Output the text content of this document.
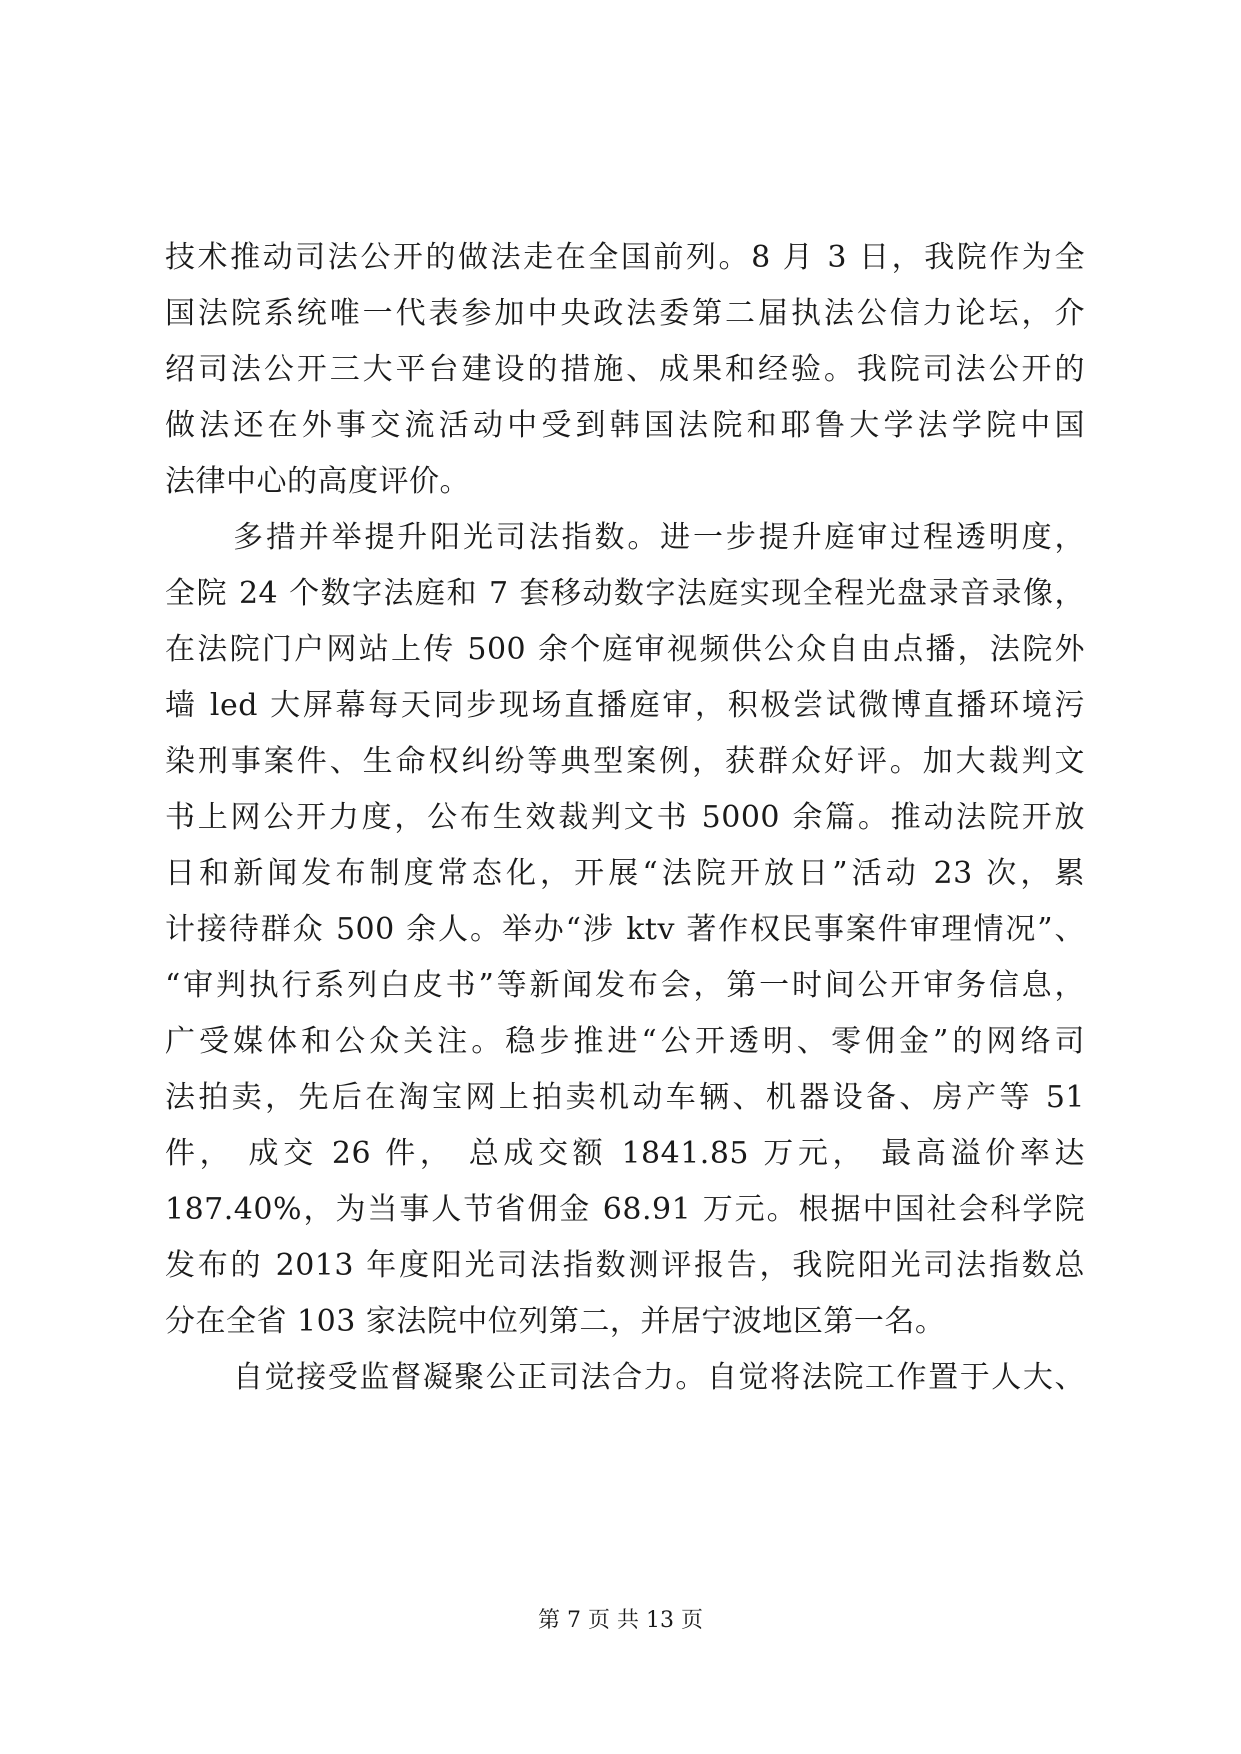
技术推动司法公开的做法走在全国前列。8 月 3 日，我院作为全
国法院系统唯一代表参加中央政法委第二届执法公信力论坛，介
绍司法公开三大平台建设的措施、成果和经验。我院司法公开的
做法还在外事交流活动中受到韩国法院和耶鲁大学法学院中国
法律中心的高度评价。
多措并举提升阳光司法指数。进一步提升庭审过程透明度，
全院 24 个数字法庭和 7 套移动数字法庭实现全程光盘录音录像，
在法院门户网站上传 500 余个庭审视频供公众自由点播，法院外
墙 led 大屏幕每天同步现场直播庭审，积极尝试微博直播环境污
染刑事案件、生命权纠纷等典型案例，获群众好评。加大裁判文
书上网公开力度，公布生效裁判文书 5000 余篇。推动法院开放
日和新闻发布制度常态化，开展“法院开放日”活动 23 次，累
计接待群众 500 余人。举办“涉 ktv 著作权民事案件审理情况”、
“审判执行系列白皮书”等新闻发布会，第一时间公开审务信息，
广受媒体和公众关注。稳步推进“公开透明、零佣金”的网络司
法拍卖，先后在淘宝网上拍卖机动车辆、机器设备、房产等 51
件， 成交 26 件， 总成交额 1841.85 万元， 最高溢价率达
187.40%，为当事人节省佣金 68.91 万元。根据中国社会科学院
发布的 2013 年度阳光司法指数测评报告，我院阳光司法指数总
分在全省 103 家法院中位列第二，并居宁波地区第一名。
自觉接受监督凝聚公正司法合力。自觉将法院工作置于人大、
第 7 页 共 13 页
